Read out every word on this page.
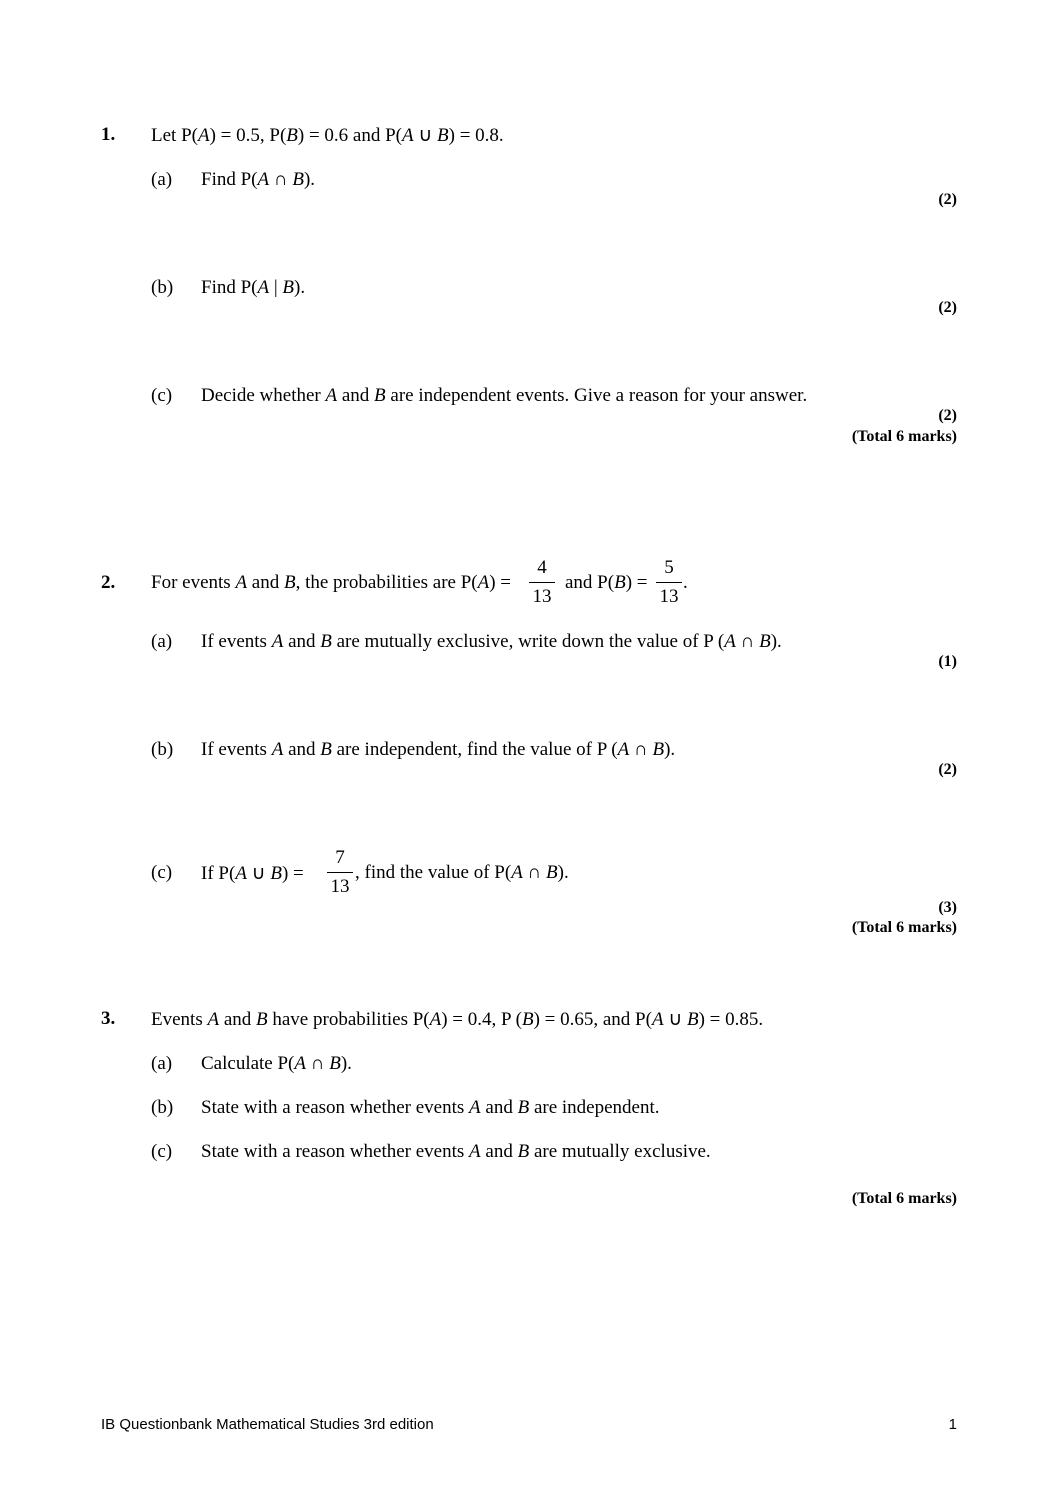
1. Let P(A) = 0.5, P(B) = 0.6 and P(A ∪ B) = 0.8.
(a) Find P(A ∩ B).
(2)
(b) Find P(A | B).
(2)
(c) Decide whether A and B are independent events. Give a reason for your answer.
(2)
(Total 6 marks)
2. For events A and B, the probabilities are P(A) =
4
13
and P(B) =
5
13
.
(a) If events A and B are mutually exclusive, write down the value of P (A ∩ B).
(1)
(b) If events A and B are independent, find the value of P (A ∩ B).
(2)
(c) If P(A ∪ B) =
7
13
, find the value of P(A ∩ B).
(3)
(Total 6 marks)
3. Events A and B have probabilities P(A) = 0.4, P (B) = 0.65, and P(A ∪ B) = 0.85.
(a) Calculate P(A ∩ B).
(b) State with a reason whether events A and B are independent.
(c) State with a reason whether events A and B are mutually exclusive.
(Total 6 marks)
IB Questionbank Mathematical Studies 3rd edition	1
